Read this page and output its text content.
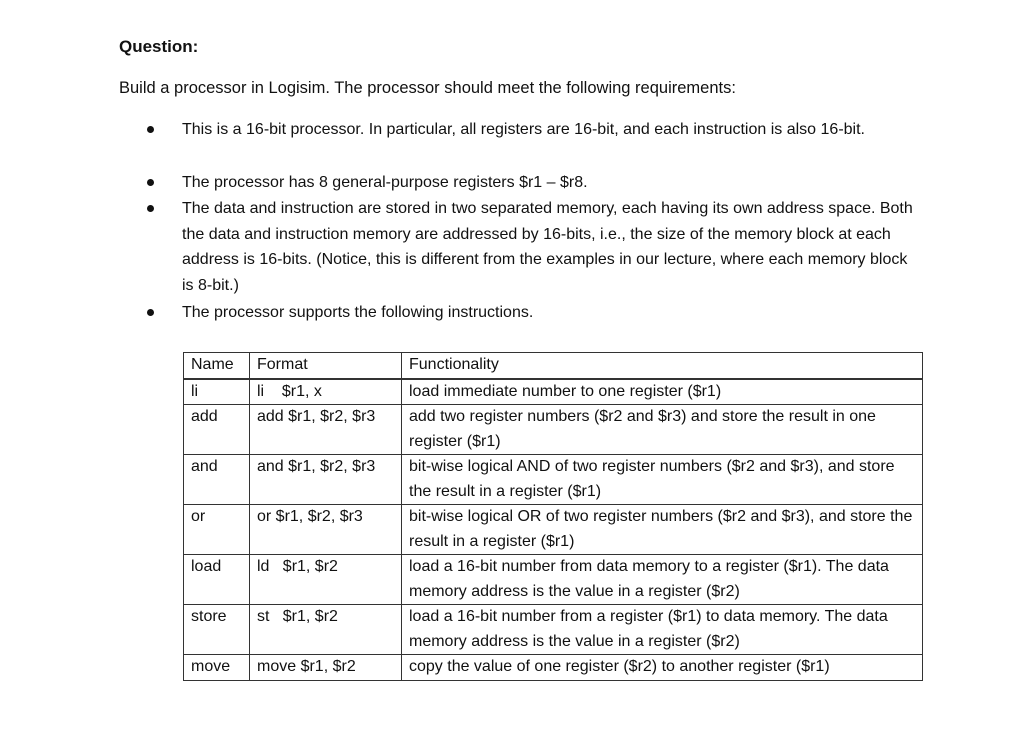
Question:
Build a processor in Logisim. The processor should meet the following requirements:
This is a 16-bit processor. In particular, all registers are 16-bit, and each instruction is also 16-bit.
The processor has 8 general-purpose registers $r1 – $r8.
The data and instruction are stored in two separated memory, each having its own address space. Both the data and instruction memory are addressed by 16-bits, i.e., the size of the memory block at each address is 16-bits. (Notice, this is different from the examples in our lecture, where each memory block is 8-bit.)
The processor supports the following instructions.
Name	Format	Functionality
li	li    $r1, x	load immediate number to one register ($r1)
add	add $r1, $r2, $r3	add two register numbers ($r2 and $r3) and store the result in one register ($r1)
and	and $r1, $r2, $r3	bit-wise logical AND of two register numbers ($r2 and $r3), and store the result in a register ($r1)
or	or $r1, $r2, $r3	bit-wise logical OR of two register numbers ($r2 and $r3), and store the result in a register ($r1)
load	ld   $r1, $r2	load a 16-bit number from data memory to a register ($r1). The data memory address is the value in a register ($r2)
store	st   $r1, $r2	load a 16-bit number from a register ($r1) to data memory. The data memory address is the value in a register ($r2)
move	move $r1, $r2	copy the value of one register ($r2) to another register ($r1)
